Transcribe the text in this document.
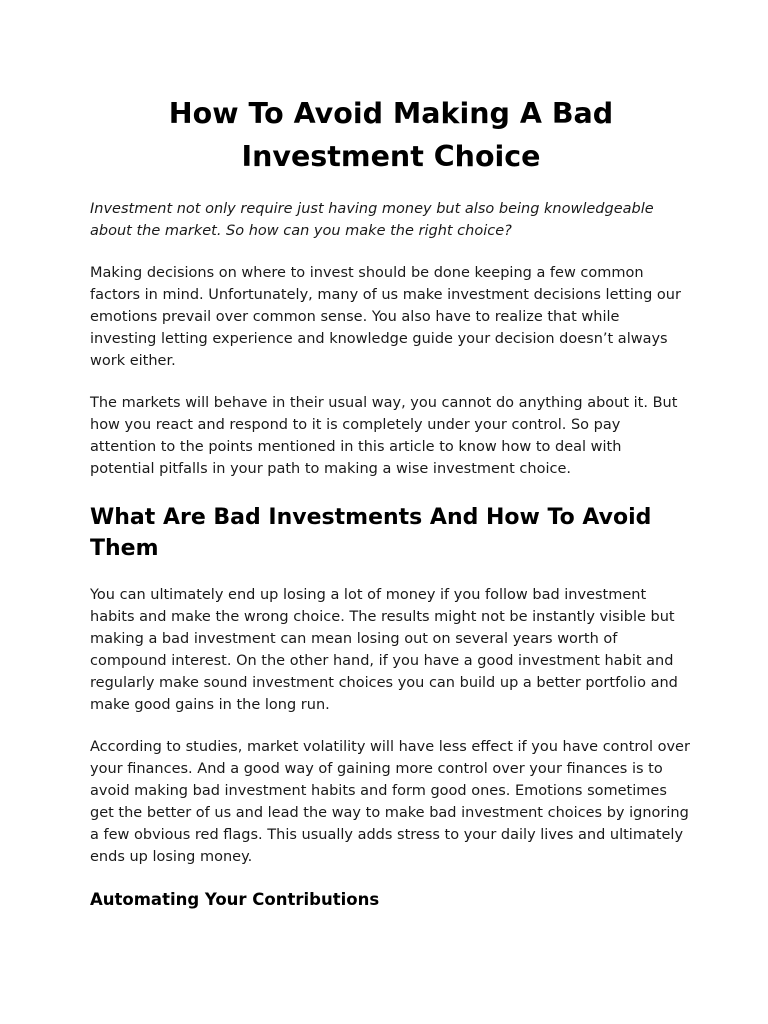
How To Avoid Making A Bad Investment Choice

Investment not only require just having money but also being knowledgeable about the market. So how can you make the right choice?

Making decisions on where to invest should be done keeping a few common factors in mind. Unfortunately, many of us make investment decisions letting our emotions prevail over common sense. You also have to realize that while investing letting experience and knowledge guide your decision doesn’t always work either.

The markets will behave in their usual way, you cannot do anything about it. But how you react and respond to it is completely under your control. So pay attention to the points mentioned in this article to know how to deal with potential pitfalls in your path to making a wise investment choice.

What Are Bad Investments And How To Avoid Them

You can ultimately end up losing a lot of money if you follow bad investment habits and make the wrong choice. The results might not be instantly visible but making a bad investment can mean losing out on several years worth of compound interest. On the other hand, if you have a good investment habit and regularly make sound investment choices you can build up a better portfolio and make good gains in the long run.

According to studies, market volatility will have less effect if you have control over your finances. And a good way of gaining more control over your finances is to avoid making bad investment habits and form good ones. Emotions sometimes get the better of us and lead the way to make bad investment choices by ignoring a few obvious red flags. This usually adds stress to your daily lives and ultimately ends up losing money.

Automating Your Contributions
